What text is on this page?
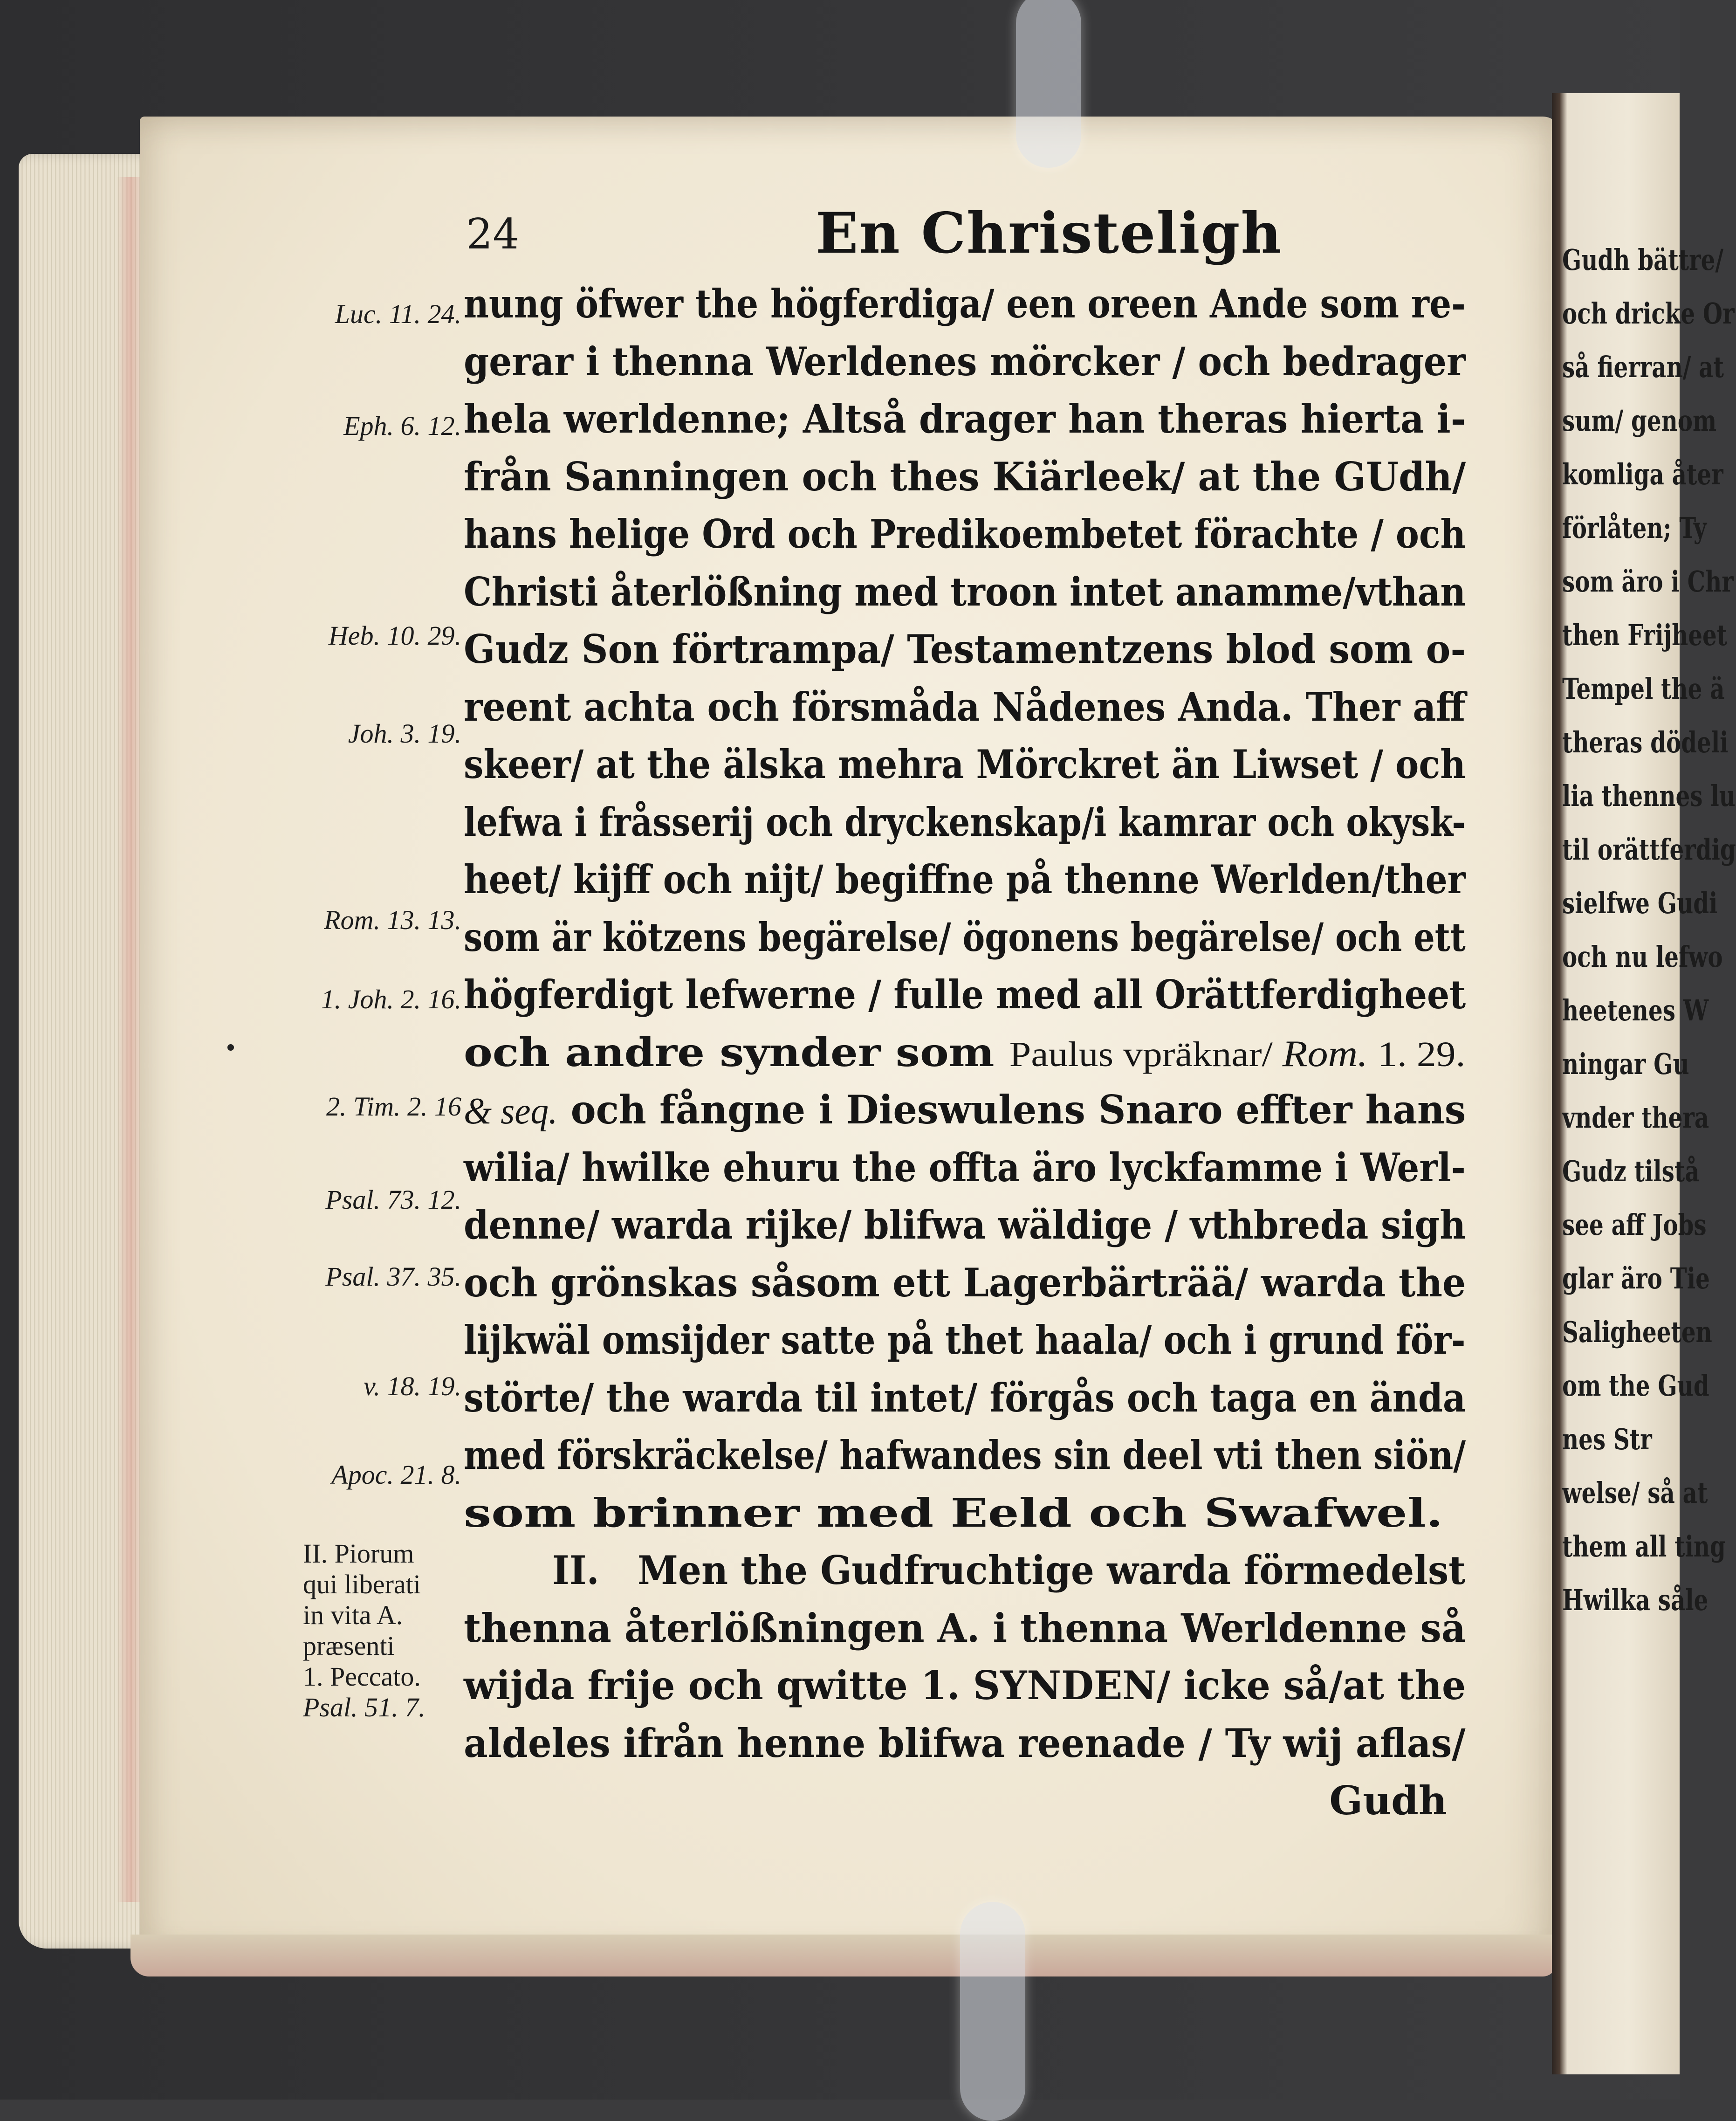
Gudh bättre/
och dricke Or
så fierran/ at
sum/ genom
komliga åter
förlåten; Ty
som äro i Chr
then Frijheet
Tempel the ä
theras dödeli
lia thennes lu
til orättferdig
sielfwe Gudi
och nu lefwo
heetenes W
ningar Gu
vnder thera
Gudz tilstå
see aff Jobs
glar äro Tie
Saligheeten
om the Gud
nes Str
welse/ så at
them all ting
Hwilka såle
24	En Christeligh
nung öfwer the högferdiga/ een oreen Ande som re-
gerar i thenna Werldenes mörcker / och bedrager
hela werldenne; Altså drager han theras hierta i-
från Sanningen och thes Kiärleek/ at the GUdh/
hans helige Ord och Predikoembetet förachte / och
Christi återlößning med troon intet anamme/vthan
Gudz Son förtrampa/ Testamentzens blod som o-
reent achta och försmåda Nådenes Anda. Ther aff
skeer/ at the älska mehra Mörckret än Liwset / och
lefwa i fråsserij och dryckenskap/i kamrar och okysk-
heet/ kijff och nijt/ begiffne på thenne Werlden/ther
som är kötzens begärelse/ ögonens begärelse/ och ett
högferdigt lefwerne / fulle med all Orättferdigheet
och andre synder som Paulus vpräknar/ Rom. 1. 29.
& seq. och fångne i Dieswulens Snaro effter hans
wilia/ hwilke ehuru the offta äro lyckfamme i Werl-
denne/ warda rijke/ blifwa wäldige / vthbreda sigh
och grönskas såsom ett Lagerbärträä/ warda the
lijkwäl omsijder satte på thet haala/ och i grund för-
störte/ the warda til intet/ förgås och taga en ända
med förskräckelse/ hafwandes sin deel vti then siön/
som brinner med Eeld och Swafwel.
II.   Men the Gudfruchtige warda förmedelst
thenna återlößningen A. i thenna Werldenne så
wijda frije och qwitte 1. SYNDEN/ icke så/at the
aldeles ifrån henne blifwa reenade / Ty wij aflas/
Gudh
Luc. 11. 24.
Eph. 6. 12.
Heb. 10. 29.
Joh. 3. 19.
Rom. 13. 13.
1. Joh. 2. 16.
2. Tim. 2. 16
Psal. 73. 12.
Psal. 37. 35.
v. 18. 19.
Apoc. 21. 8.
II. Piorum
qui liberati
in vita A.
præsenti
1. Peccato.
Psal. 51. 7.
